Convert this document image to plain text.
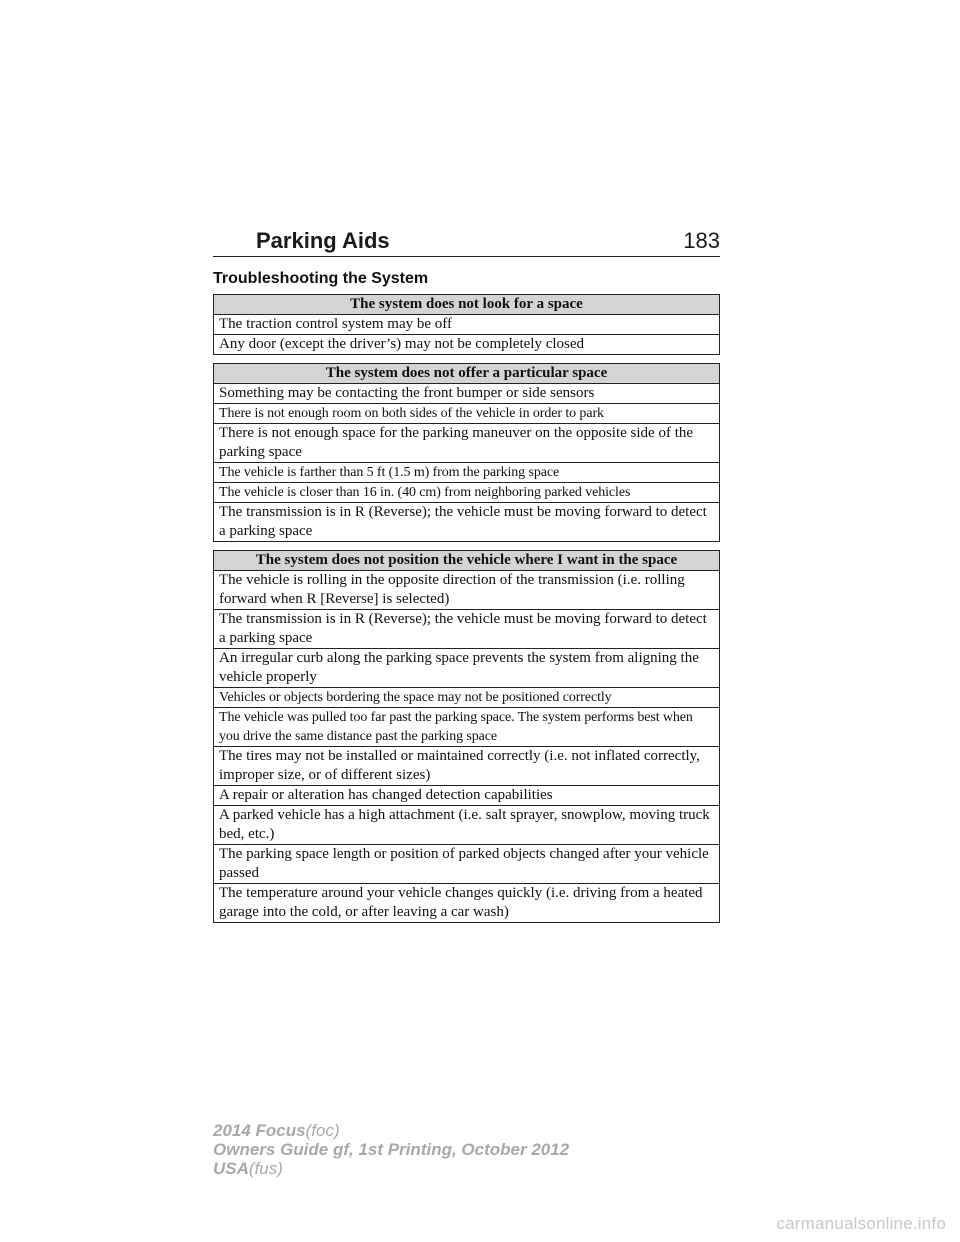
Parking Aids	183
Troubleshooting the System
The system does not look for a space
The traction control system may be off
Any door (except the driver’s) may not be completely closed
The system does not offer a particular space
Something may be contacting the front bumper or side sensors
There is not enough room on both sides of the vehicle in order to park
There is not enough space for the parking maneuver on the opposite side of the parking space
The vehicle is farther than 5 ft (1.5 m) from the parking space
The vehicle is closer than 16 in. (40 cm) from neighboring parked vehicles
The transmission is in R (Reverse); the vehicle must be moving forward to detect a parking space
The system does not position the vehicle where I want in the space
The vehicle is rolling in the opposite direction of the transmission (i.e. rolling forward when R [Reverse] is selected)
The transmission is in R (Reverse); the vehicle must be moving forward to detect a parking space
An irregular curb along the parking space prevents the system from aligning the vehicle properly
Vehicles or objects bordering the space may not be positioned correctly
The vehicle was pulled too far past the parking space. The system performs best when you drive the same distance past the parking space
The tires may not be installed or maintained correctly (i.e. not inflated correctly, improper size, or of different sizes)
A repair or alteration has changed detection capabilities
A parked vehicle has a high attachment (i.e. salt sprayer, snowplow, moving truck bed, etc.)
The parking space length or position of parked objects changed after your vehicle passed
The temperature around your vehicle changes quickly (i.e. driving from a heated garage into the cold, or after leaving a car wash)
2014 Focus(foc)
Owners Guide gf, 1st Printing, October 2012
USA(fus)
carmanualsonline.info
